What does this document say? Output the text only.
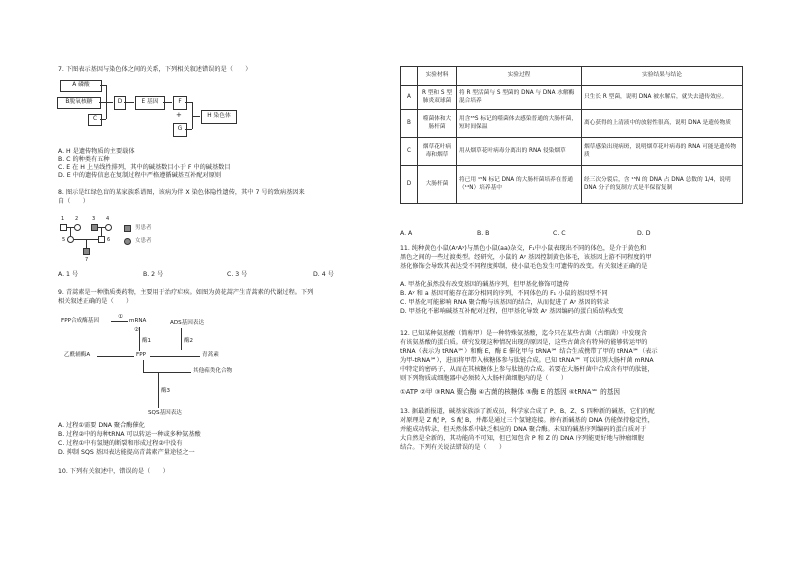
7. 下图表示基因与染色体之间的关系，下列相关叙述错误的是（　　）
A 磷酸
B脱氧核糖
C
D	E 基因	F
+
G
H 染色体
A. H 是遗传物质的主要载体
B. C 的种类有五种
C. E 在 H 上呈线性排列，其中的碱基数目小于 F 中的碱基数目
D. E 中的遗传信息在复制过程中严格遵循碱基互补配对原则
8. 图示是红绿色盲的某家族系谱图，该病为伴 X 染色体隐性遗传，其中 7 号的致病基因来
自（　　）
1 2	3 4
5	6
7
男患者
女患者
A. 1 号	B. 2 号	C. 3 号	D. 4 号
9. 青蒿素是一种脂质类药物，主要用于治疗疟疾。如图为黄花蒿产生青蒿素的代谢过程。下列
相关叙述正确的是（　　）
FPP合成酶基因
①
mRNA
②
酶1
ADS基因表达
酶2
乙酰辅酶A	FPP	青蒿素
其他萜类化合物
酶3
SQS基因表达
A. 过程①需要 DNA 聚合酶催化
B. 过程②中的每种tRNA 可以转运一种或多种氨基酸
C. 过程①中有氢键的断裂和形成过程②中没有
D. 抑制 SQS 基因表达能提高青蒿素产量途径之一
10. 下列有关叙述中，错误的是（　　）
	实验材料	实验过程	实验结果与结论
A	R 型和 S 型肺炎双球菌	将 R 型活菌与 S 型菌的 DNA 与 DNA 水解酶混合培养	只生长 R 型菌，说明 DNA 被水解后，就失去遗传效应。
B	噬菌体和大肠杆菌	用含³⁵S 标记的噬菌体去感染普通的大肠杆菌，短时间保温	离心获得的上清液中的放射性很高，说明 DNA 是遗传物质
C	烟草花叶病毒和烟草	用从烟草花叶病毒分离出的 RNA 侵染烟草	烟草感染出现病斑，说明烟草花叶病毒的 RNA 可能是遗传物质
D	大肠杆菌	将已用 ¹⁵N 标记 DNA 的大肠杆菌培养在普通（¹⁴N）培养基中	经三次分裂后，含 ¹⁵N 的 DNA 占 DNA 总数的 1/4，说明 DNA 分子的复制方式是半保留复制
A. A	B. B	C. C	D. D
11. 纯种黄色小鼠(AʸAʸ)与黑色小鼠(aa)杂交，F₁中小鼠表现出不同的体色，是介于黄色和
黑色之间的一些过渡类型。经研究，小鼠的 Aʸ 基因控制黄色体毛，该基因上游不同程度的甲
基化修饰会导致其表达受不同程度抑制，使小鼠毛色发生可遗传的改变。有关叙述正确的是
A. 甲基化虽然没有改变基因的碱基序列，但甲基化修饰可遗传
B. Aʸ 和 a 基因可能存在部分相同的序列，不同体色的 F₁ 小鼠的基因型不同
C. 甲基化可能影响 RNA 聚合酶与该基因的结合，从而促进了 Aʸ 基因的转录
D. 甲基化不影响碱基互补配对过程，但甲基化导致 Aʸ 基因编码的蛋白质结构改变
12. 已知某种氨基酸（简称甲）是一种特殊氨基酸，迄今只在某些古菌（古细菌）中发现含
有该氨基酸的蛋白质。研究发现这种情况出现的原因是，这些古菌含有特异的能够转运甲的
tRNA（表示为 tRNA℠）和酶 E，酶 E 催化甲与 tRNA℠ 结合生成携带了甲的 tRNA℠（表示
为甲-tRNA℠），进而将甲带入核糖体参与肽链合成。已知 tRNA℠ 可以识别大肠杆菌 mRNA
中特定的密码子，从而在其核糖体上参与肽链的合成。若要在大肠杆菌中合成含有甲的肽链，
则下列物质或细胞器中必须转入大肠杆菌细胞内的是（　　）
①ATP ②甲 ③RNA 聚合酶 ④古菌的核糖体 ⑤酶 E 的基因 ⑥tRNA℠ 的基因
13. 据最新报道，碱基家族添了新成员，科学家合成了 P、B、Z、S 四种新的碱基，它们的配
对原理是 Z 配 P，S 配 B，并都是通过三个氢键连接。掺有新碱基的 DNA 仍能保持稳定性，
并能成功转录，但天然体系中缺乏相应的 DNA 聚合酶。未知的碱基序列编码的蛋白质对于
大自然是全新的，其功能尚不可知，但已知包含 P 和 Z 的 DNA 序列能更好地与肿瘤细胞
结合。下列有关说法错误的是（　　）
